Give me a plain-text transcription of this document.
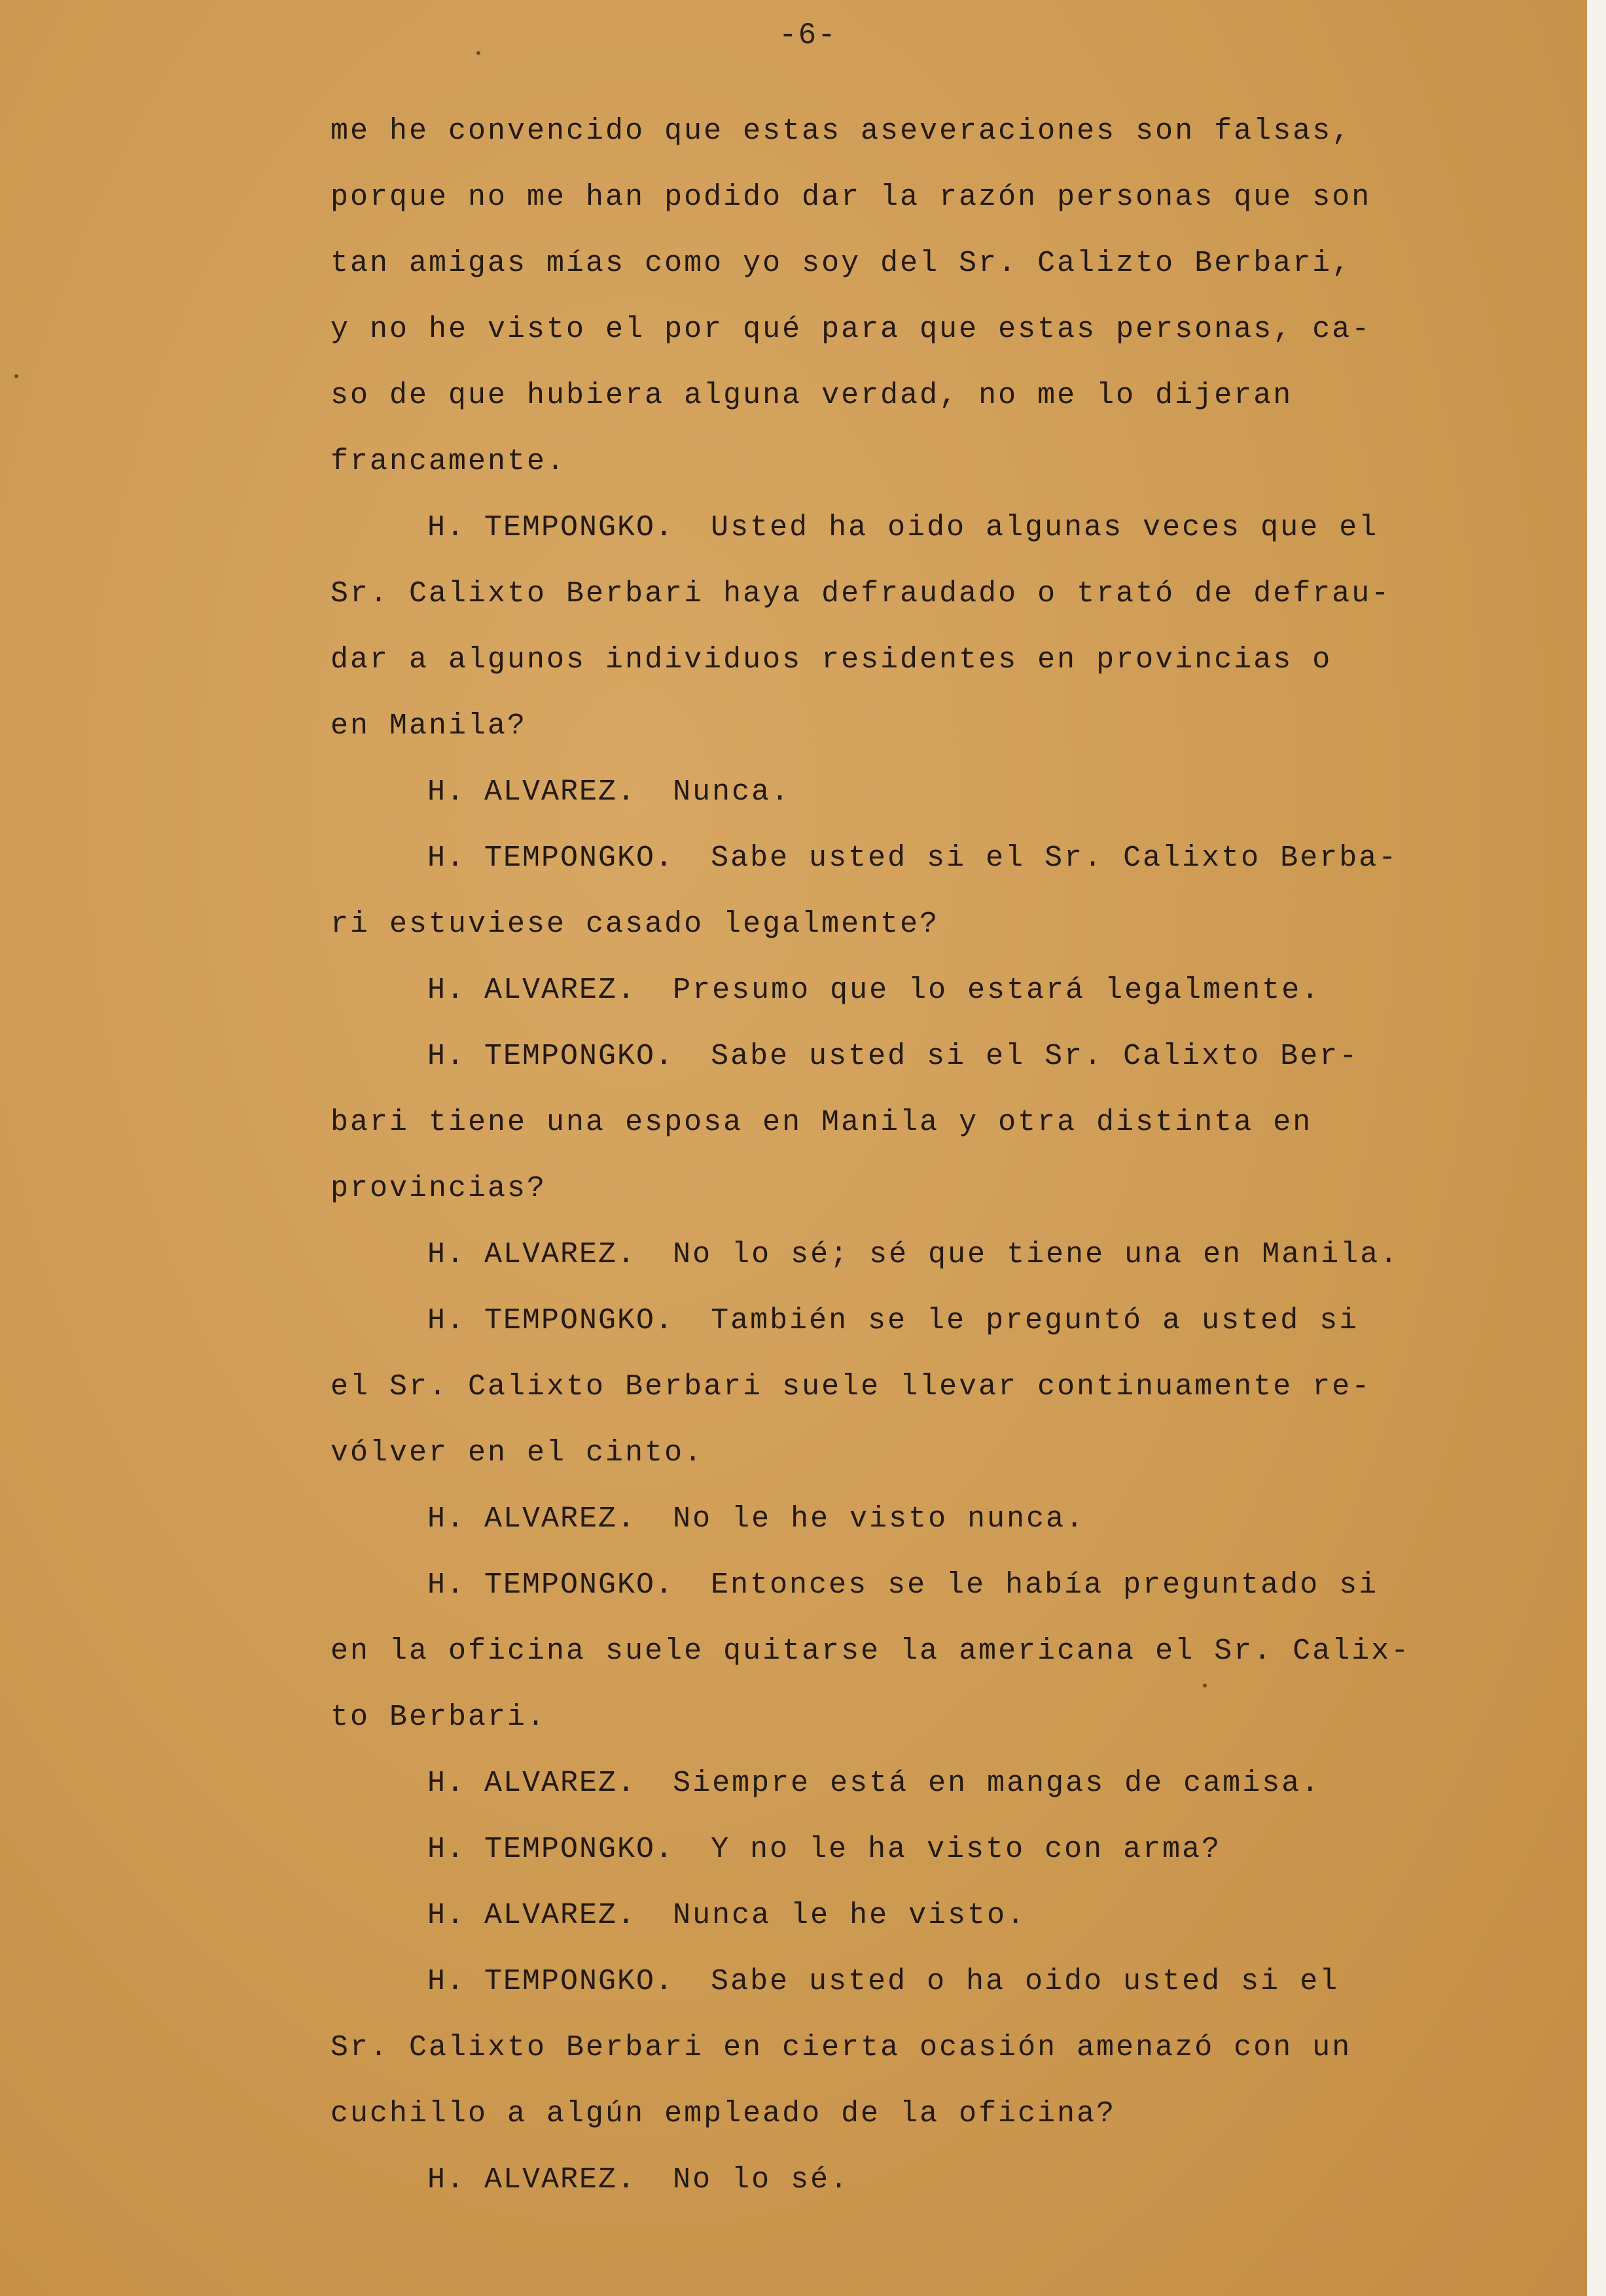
-6-
me he convencido que estas aseveraciones son falsas,
porque no me han podido dar la razón personas que son
tan amigas mías como yo soy del Sr. Calizto Berbari,
y no he visto el por qué para que estas personas, ca-
so de que hubiera alguna verdad, no me lo dijeran
francamente.
H. TEMPONGKO. Usted ha oido algunas veces que el
Sr. Calixto Berbari haya defraudado o trató de defrau-
dar a algunos individuos residentes en provincias o
en Manila?
H. ALVAREZ. Nunca.
H. TEMPONGKO. Sabe usted si el Sr. Calixto Berba-
ri estuviese casado legalmente?
H. ALVAREZ. Presumo que lo estará legalmente.
H. TEMPONGKO. Sabe usted si el Sr. Calixto Ber-
bari tiene una esposa en Manila y otra distinta en
provincias?
H. ALVAREZ. No lo sé; sé que tiene una en Manila.
H. TEMPONGKO. También se le preguntó a usted si
el Sr. Calixto Berbari suele llevar continuamente re-
vólver en el cinto.
H. ALVAREZ. No le he visto nunca.
H. TEMPONGKO. Entonces se le había preguntado si
en la oficina suele quitarse la americana el Sr. Calix-
to Berbari.
H. ALVAREZ. Siempre está en mangas de camisa.
H. TEMPONGKO. Y no le ha visto con arma?
H. ALVAREZ. Nunca le he visto.
H. TEMPONGKO. Sabe usted o ha oido usted si el
Sr. Calixto Berbari en cierta ocasión amenazó con un
cuchillo a algún empleado de la oficina?
H. ALVAREZ. No lo sé.
